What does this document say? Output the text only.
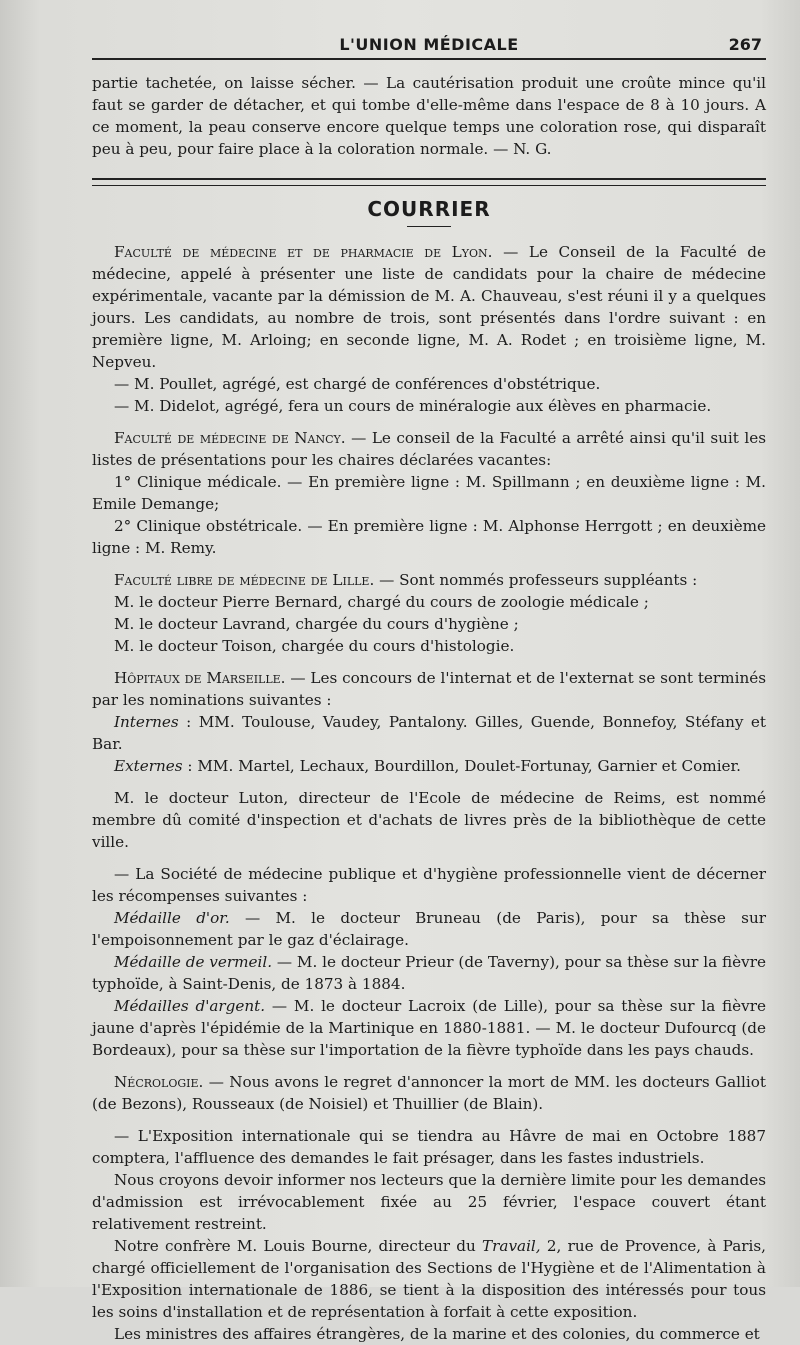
L'UNION MÉDICALE	267

partie tachetée, on laisse sécher. — La cautérisation produit une croûte mince qu'il faut se garder de détacher, et qui tombe d'elle-même dans l'espace de 8 à 10 jours. A ce moment, la peau conserve encore quelque temps une coloration rose, qui disparaît peu à peu, pour faire place à la coloration normale. — N. G.

COURRIER

Faculté de médecine et de pharmacie de Lyon. — Le Conseil de la Faculté de médecine, appelé à présenter une liste de candidats pour la chaire de médecine expérimentale, vacante par la démission de M. A. Chauveau, s'est réuni il y a quelques jours. Les candidats, au nombre de trois, sont présentés dans l'ordre suivant : en première ligne, M. Arloing; en seconde ligne, M. A. Rodet ; en troisième ligne, M. Nepveu.

— M. Poullet, agrégé, est chargé de conférences d'obstétrique.

— M. Didelot, agrégé, fera un cours de minéralogie aux élèves en pharmacie.

Faculté de médecine de Nancy. — Le conseil de la Faculté a arrêté ainsi qu'il suit les listes de présentations pour les chaires déclarées vacantes:

1° Clinique médicale. — En première ligne : M. Spillmann ; en deuxième ligne : M. Emile Demange;

2° Clinique obstétricale. — En première ligne : M. Alphonse Herrgott ; en deuxième ligne : M. Remy.

Faculté libre de médecine de Lille. — Sont nommés professeurs suppléants :

M. le docteur Pierre Bernard, chargé du cours de zoologie médicale ;

M. le docteur Lavrand, chargée du cours d'hygiène ;

M. le docteur Toison, chargée du cours d'histologie.

Hôpitaux de Marseille. — Les concours de l'internat et de l'externat se sont terminés par les nominations suivantes :

Internes : MM. Toulouse, Vaudey, Pantalony. Gilles, Guende, Bonnefoy, Stéfany et Bar.

Externes : MM. Martel, Lechaux, Bourdillon, Doulet-Fortunay, Garnier et Comier.

M. le docteur Luton, directeur de l'Ecole de médecine de Reims, est nommé membre dû comité d'inspection et d'achats de livres près de la bibliothèque de cette ville.

— La Société de médecine publique et d'hygiène professionnelle vient de décerner les récompenses suivantes :

Médaille d'or. — M. le docteur Bruneau (de Paris), pour sa thèse sur l'empoisonnement par le gaz d'éclairage.

Médaille de vermeil. — M. le docteur Prieur (de Taverny), pour sa thèse sur la fièvre typhoïde, à Saint-Denis, de 1873 à 1884.

Médailles d'argent. — M. le docteur Lacroix (de Lille), pour sa thèse sur la fièvre jaune d'après l'épidémie de la Martinique en 1880-1881. — M. le docteur Dufourcq (de Bordeaux), pour sa thèse sur l'importation de la fièvre typhoïde dans les pays chauds.

Nécrologie. — Nous avons le regret d'annoncer la mort de MM. les docteurs Galliot (de Bezons), Rousseaux (de Noisiel) et Thuillier (de Blain).

— L'Exposition internationale qui se tiendra au Hâvre de mai en Octobre 1887 comptera, l'affluence des demandes le fait présager, dans les fastes industriels.

Nous croyons devoir informer nos lecteurs que la dernière limite pour les demandes d'admission est irrévocablement fixée au 25 février, l'espace couvert étant relativement restreint.

Notre confrère M. Louis Bourne, directeur du Travail, 2, rue de Provence, à Paris, chargé officiellement de l'organisation des Sections de l'Hygiène et de l'Alimentation à l'Exposition internationale de 1886, se tient à la disposition des intéressés pour tous les soins d'installation et de représentation à forfait à cette exposition.

Les ministres des affaires étrangères, de la marine et des colonies, du commerce et
